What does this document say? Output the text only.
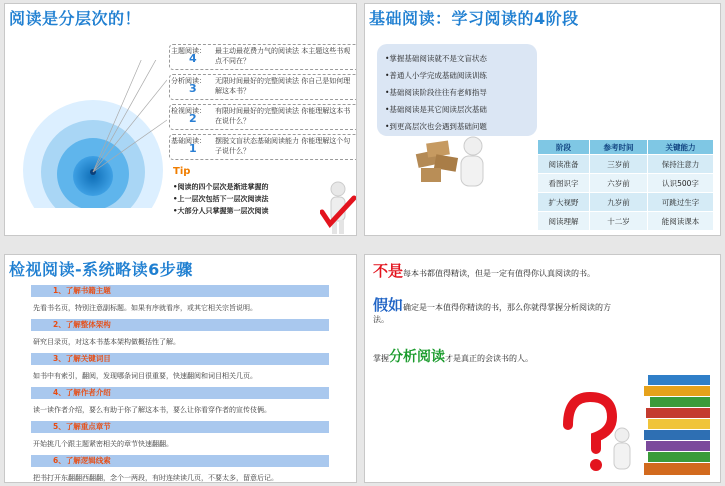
阅读是分层次的！
主题阅读：
4
最主动最花费力气的阅读法 本主题这些书观点不同在？
分析阅读：
3
无限时间最好的完整阅读法 你自己是如何理解这本书？
检视阅读：
2
有限时间最好的完整阅读法 你能理解这本书在说什么？
基础阅读：
1
摆脱文盲状态基础阅读能力 你能理解这个句子说什么？
Tip
•阅读的四个层次是渐进掌握的
•上一层次包括下一层次阅读法
•大部分人只掌握第一层次阅读
基础阅读：学习阅读的4阶段
•掌握基础阅读就不是文盲状态
•普通人小学完成基础阅读训练
•基础阅读阶段往往有老师指导
•基础阅读是其它阅读层次基础
•到更高层次也会遇到基础问题
阶段	参考时间	关键能力
阅读准备	三岁前	保持注意力
看图识字	六岁前	认识500字
扩大视野	九岁前	可跳过生字
阅读理解	十二岁	能阅读课本
检视阅读-系统略读6步骤
1、了解书籍主题
先看书名页，特别注意副标题。如果有序就看序，或其它相关宗旨说明。
2、了解整体架构
研究目录页，对这本书基本架构做概括性了解。
3、了解关键词目
如书中有索引，翻阅，发现哪条词目很重要，快速翻阅和词目相关几页。
4、了解作者介绍
读一读作者介绍，要么有助于你了解这本书，要么让你看穿作者的宣传伎俩。
5、了解重点章节
开始挑几个跟主题紧密相关的章节快速翻翻。
6、了解逻辑线索
把书打开东翻翻西翻翻，念个一两段，有时连续读几页，不要太多，留意后记。
不是每本书都值得精读，但是一定有值得你认真阅读的书。
假如确定是一本值得你精读的书，那么你就得掌握分析阅读的方法。
掌握分析阅读才是真正的会读书的人。
